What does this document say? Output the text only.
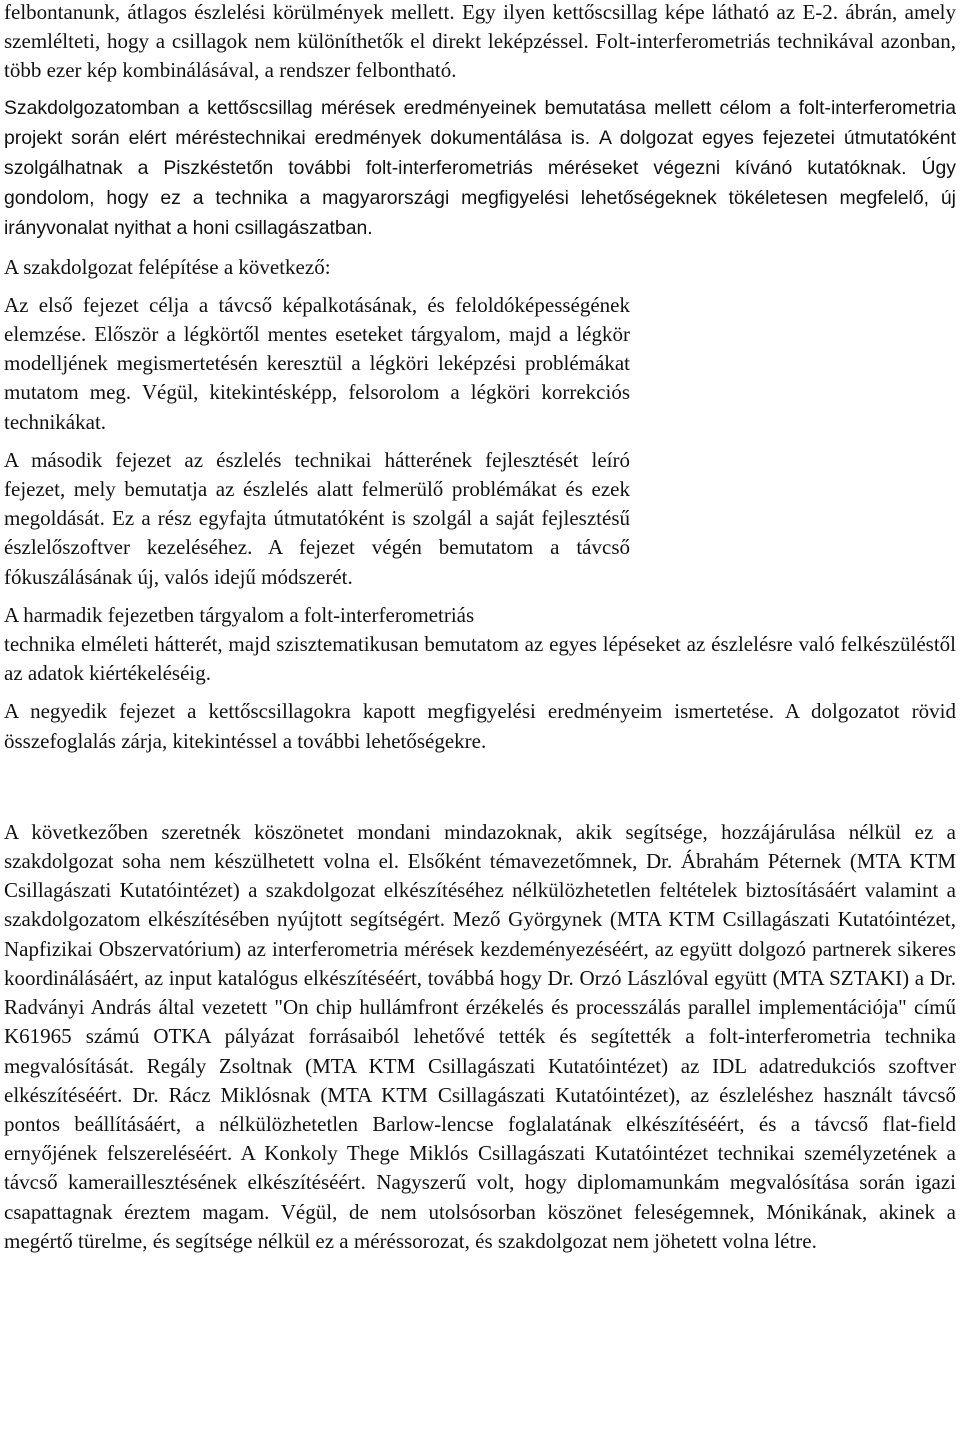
felbontanunk, átlagos észlelési körülmények mellett. Egy ilyen kettőscsillag képe látható az E-2. ábrán, amely szemlélteti, hogy a csillagok nem különíthetők el direkt leképzéssel. Folt-interferometriás technikával azonban, több ezer kép kombinálásával, a rendszer felbontható.

Szakdolgozatomban a kettőscsillag mérések eredményeinek bemutatása mellett célom a folt-interferometria projekt során elért méréstechnikai eredmények dokumentálása is. A dolgozat egyes fejezetei útmutatóként szolgálhatnak a Piszkéstetőn további folt-interferometriás méréseket végezni kívánó kutatóknak. Úgy gondolom, hogy ez a technika a magyarországi megfigyelési lehetőségeknek tökéletesen megfelelő, új irányvonalat nyithat a honi csillagászatban.

A szakdolgozat felépítése a következő:

Az első fejezet célja a távcső képalkotásának, és feloldóképességének elemzése. Először a légkörtől mentes eseteket tárgyalom, majd a légkör modelljének megismertetésén keresztül a légköri leképzési problémákat mutatom meg. Végül, kitekintésképp, felsorolom a légköri korrekciós technikákat.

A második fejezet az észlelés technikai hátterének fejlesztését leíró fejezet, mely bemutatja az észlelés alatt felmerülő problémákat és ezek megoldását. Ez a rész egyfajta útmutatóként is szolgál a saját fejlesztésű észlelőszoftver kezeléséhez. A fejezet végén bemutatom a távcső fókuszálásának új, valós idejű módszerét.

A harmadik fejezetben tárgyalom a folt-interferometriás

technika elméleti hátterét, majd szisztematikusan bemutatom az egyes lépéseket az észlelésre való felkészüléstől az adatok kiértékeléséig.

A negyedik fejezet a kettőscsillagokra kapott megfigyelési eredményeim ismertetése. A dolgozatot rövid összefoglalás zárja, kitekintéssel a további lehetőségekre.

A következőben szeretnék köszönetet mondani mindazoknak, akik segítsége, hozzájárulása nélkül ez a szakdolgozat soha nem készülhetett volna el. Elsőként témavezetőmnek, Dr. Ábrahám Péternek (MTA KTM Csillagászati Kutatóintézet) a szakdolgozat elkészítéséhez nélkülözhetetlen feltételek biztosításáért valamint a szakdolgozatom elkészítésében nyújtott segítségért. Mező Györgynek (MTA KTM Csillagászati Kutatóintézet, Napfizikai Obszervatórium) az interferometria mérések kezdeményezéséért, az együtt dolgozó partnerek sikeres koordinálásáért, az input katalógus elkészítéséért, továbbá hogy Dr. Orzó Lászlóval együtt (MTA SZTAKI) a Dr. Radványi András által vezetett "On chip hullámfront érzékelés és processzálás parallel implementációja" című K61965 számú OTKA pályázat forrásaiból lehetővé tették és segítették a folt-interferometria technika megvalósítását. Regály Zsoltnak (MTA KTM Csillagászati Kutatóintézet) az IDL adatredukciós szoftver elkészítéséért. Dr. Rácz Miklósnak (MTA KTM Csillagászati Kutatóintézet), az észleléshez használt távcső pontos beállításáért, a nélkülözhetetlen Barlow-lencse foglalatának elkészítéséért, és a távcső flat-field ernyőjének felszereléséért. A Konkoly Thege Miklós Csillagászati Kutatóintézet technikai személyzetének a távcső kameraillesztésének elkészítéséért. Nagyszerű volt, hogy diplomamunkám megvalósítása során igazi csapattagnak éreztem magam. Végül, de nem utolsósorban köszönet feleségemnek, Mónikának, akinek a megértő türelme, és segítsége nélkül ez a méréssorozat, és szakdolgozat nem jöhetett volna létre.
